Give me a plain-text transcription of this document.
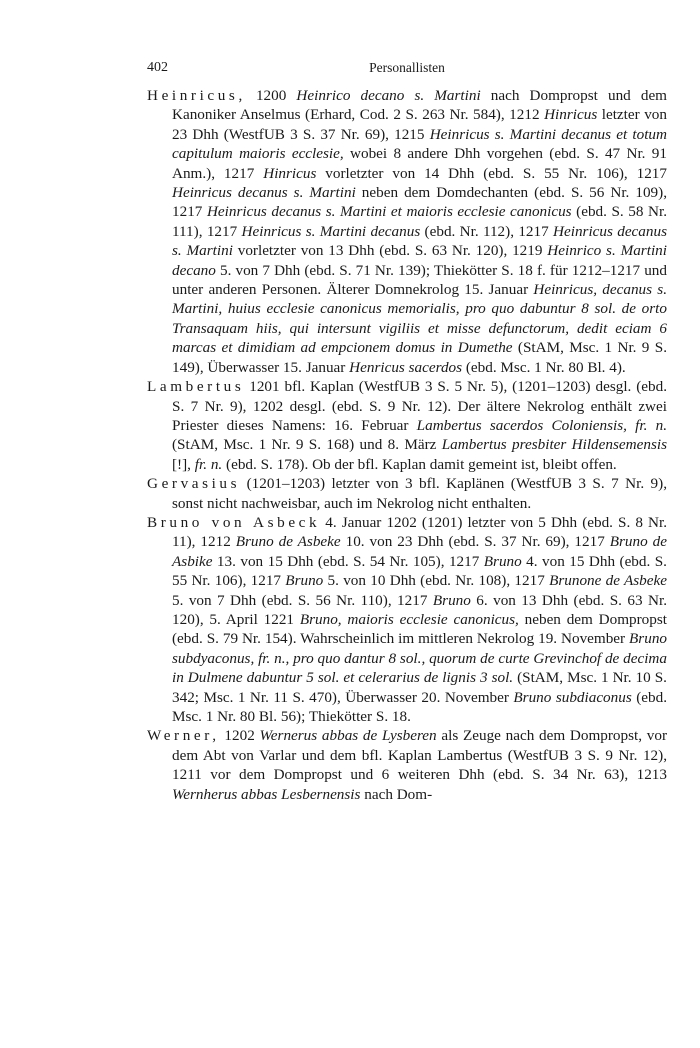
402	Personallisten

Heinricus, 1200 Heinrico decano s. Martini nach Dompropst und dem Kanoniker Anselmus (Erhard, Cod. 2 S. 263 Nr. 584), 1212 Hinricus letzter von 23 Dhh (WestfUB 3 S. 37 Nr. 69), 1215 Heinricus s. Martini decanus et totum capitulum maioris ecclesie, wobei 8 andere Dhh vorgehen (ebd. S. 47 Nr. 91 Anm.), 1217 Hinricus vorletzter von 14 Dhh (ebd. S. 55 Nr. 106), 1217 Heinricus decanus s. Martini neben dem Domdechanten (ebd. S. 56 Nr. 109), 1217 Heinricus decanus s. Martini et maioris ecclesie canonicus (ebd. S. 58 Nr. 111), 1217 Heinricus s. Martini decanus (ebd. Nr. 112), 1217 Heinricus decanus s. Martini vorletzter von 13 Dhh (ebd. S. 63 Nr. 120), 1219 Heinrico s. Martini decano 5. von 7 Dhh (ebd. S. 71 Nr. 139); Thiekötter S. 18 f. für 1212–1217 und unter anderen Personen. Älterer Domnekrolog 15. Januar Heinricus, decanus s. Martini, huius ecclesie canonicus memorialis, pro quo dabuntur 8 sol. de orto Transaquam hiis, qui intersunt vigiliis et misse defunctorum, dedit eciam 6 marcas et dimidiam ad empcionem domus in Dumethe (StAM, Msc. 1 Nr. 9 S. 149), Überwasser 15. Januar Henricus sacerdos (ebd. Msc. 1 Nr. 80 Bl. 4).

Lambertus 1201 bfl. Kaplan (WestfUB 3 S. 5 Nr. 5), (1201–1203) desgl. (ebd. S. 7 Nr. 9), 1202 desgl. (ebd. S. 9 Nr. 12). Der ältere Nekrolog enthält zwei Priester dieses Namens: 16. Februar Lambertus sacerdos Coloniensis, fr. n. (StAM, Msc. 1 Nr. 9 S. 168) und 8. März Lambertus presbiter Hildensemensis [!], fr. n. (ebd. S. 178). Ob der bfl. Kaplan damit gemeint ist, bleibt offen.

Gervasius (1201–1203) letzter von 3 bfl. Kaplänen (WestfUB 3 S. 7 Nr. 9), sonst nicht nachweisbar, auch im Nekrolog nicht enthalten.

Bruno von Asbeck 4. Januar 1202 (1201) letzter von 5 Dhh (ebd. S. 8 Nr. 11), 1212 Bruno de Asbeke 10. von 23 Dhh (ebd. S. 37 Nr. 69), 1217 Bruno de Asbike 13. von 15 Dhh (ebd. S. 54 Nr. 105), 1217 Bruno 4. von 15 Dhh (ebd. S. 55 Nr. 106), 1217 Bruno 5. von 10 Dhh (ebd. Nr. 108), 1217 Brunone de Asbeke 5. von 7 Dhh (ebd. S. 56 Nr. 110), 1217 Bruno 6. von 13 Dhh (ebd. S. 63 Nr. 120), 5. April 1221 Bruno, maioris ecclesie canonicus, neben dem Dompropst (ebd. S. 79 Nr. 154). Wahrscheinlich im mittleren Nekrolog 19. November Bruno subdyaconus, fr. n., pro quo dantur 8 sol., quorum de curte Grevinchof de decima in Dulmene dabuntur 5 sol. et celerarius de lignis 3 sol. (StAM, Msc. 1 Nr. 10 S. 342; Msc. 1 Nr. 11 S. 470), Überwasser 20. November Bruno subdiaconus (ebd. Msc. 1 Nr. 80 Bl. 56); Thiekötter S. 18.

Werner, 1202 Wernerus abbas de Lysberen als Zeuge nach dem Dompropst, vor dem Abt von Varlar und dem bfl. Kaplan Lambertus (WestfUB 3 S. 9 Nr. 12), 1211 vor dem Dompropst und 6 weiteren Dhh (ebd. S. 34 Nr. 63), 1213 Wernherus abbas Lesbernensis nach Dom-
